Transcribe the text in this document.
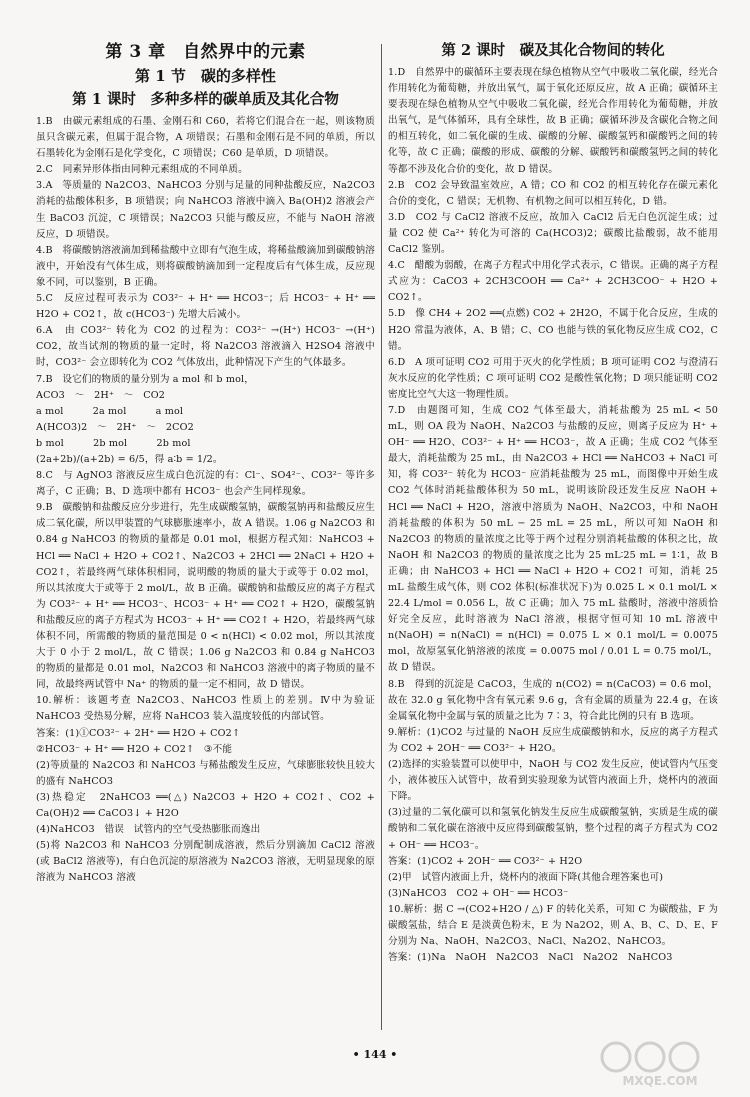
第 3 章　自然界中的元素
第 1 节　碳的多样性
第 1 课时　多种多样的碳单质及其化合物

1.B　由碳元素组成的石墨、金刚石和 C60，若将它们混合在一起，则该物质虽只含碳元素，但属于混合物，A 项错误；石墨和金刚石是不同的单质，所以石墨转化为金刚石是化学变化，C 项错误；C60 是单质，D 项错误。

2.C　同素异形体指由同种元素组成的不同单质。

3.A　等质量的 Na2CO3、NaHCO3 分别与足量的同种盐酸反应，Na2CO3 消耗的盐酸体积多，B 项错误；向 NaHCO3 溶液中滴入 Ba(OH)2 溶液会产生 BaCO3 沉淀，C 项错误；Na2CO3 只能与酸反应，不能与 NaOH 溶液反应，D 项错误。

4.B　将碳酸钠溶液滴加到稀盐酸中立即有气泡生成，将稀盐酸滴加到碳酸钠溶液中，开始没有气体生成，则将碳酸钠滴加到一定程度后有气体生成，反应现象不同，可以鉴别，B 正确。

5.C　反应过程可表示为 CO3²⁻ + H⁺ ══ HCO3⁻；后 HCO3⁻ + H⁺ ══ H2O + CO2↑，故 c(HCO3⁻) 先增大后减小。

6.A　由 CO3²⁻ 转化为 CO2 的过程为：CO3²⁻ →(H⁺) HCO3⁻ →(H⁺) CO2，故当试剂的物质的量一定时，将 Na2CO3 溶液滴入 H2SO4 溶液中时，CO3²⁻ 会立即转化为 CO2 气体放出，此种情况下产生的气体最多。

7.B　设它们的物质的量分别为 a mol 和 b mol，
ACO3　～　2H⁺　～　CO2
a mol　　　2a mol　　　a mol
A(HCO3)2　～　2H⁺　～　2CO2
b mol　　　2b mol　　　2b mol
(2a+2b)/(a+2b) = 6/5，得 a∶b = 1/2。

8.C　与 AgNO3 溶液反应生成白色沉淀的有：Cl⁻、SO4²⁻、CO3²⁻ 等许多离子，C 正确；B、D 选项中都有 HCO3⁻ 也会产生同样现象。

9.B　碳酸钠和盐酸反应分步进行，先生成碳酸氢钠，碳酸氢钠再和盐酸反应生成二氧化碳，所以甲装置的气球膨胀速率小，故 A 错误。1.06 g Na2CO3 和 0.84 g NaHCO3 的物质的量都是 0.01 mol，根据方程式知：NaHCO3 + HCl ══ NaCl + H2O + CO2↑、Na2CO3 + 2HCl ══ 2NaCl + H2O + CO2↑，若最终两气球体积相同，说明酸的物质的量大于或等于 0.02 mol，所以其浓度大于或等于 2 mol/L，故 B 正确。碳酸钠和盐酸反应的离子方程式为 CO3²⁻ + H⁺ ══ HCO3⁻、HCO3⁻ + H⁺ ══ CO2↑ + H2O，碳酸氢钠和盐酸反应的离子方程式为 HCO3⁻ + H⁺ ══ CO2↑ + H2O，若最终两气球体积不同，所需酸的物质的量范围是 0 < n(HCl) < 0.02 mol，所以其浓度大于 0 小于 2 mol/L，故 C 错误；1.06 g Na2CO3 和 0.84 g NaHCO3 的物质的量都是 0.01 mol，Na2CO3 和 NaHCO3 溶液中的离子物质的量不同，故最终两试管中 Na⁺ 的物质的量一定不相同，故 D 错误。

10.解析：该题考查 Na2CO3、NaHCO3 性质上的差别。Ⅳ中为验证 NaHCO3 受热易分解，应将 NaHCO3 装入温度较低的内部试管。
答案：(1)①CO3²⁻ + 2H⁺ ══ H2O + CO2↑
②HCO3⁻ + H⁺ ══ H2O + CO2↑　③不能
(2)等质量的 Na2CO3 和 NaHCO3 与稀盐酸发生反应，气球膨胀较快且较大的盛有 NaHCO3
(3)热稳定　2NaHCO3 ══(△) Na2CO3 + H2O + CO2↑、CO2 + Ca(OH)2 ══ CaCO3↓ + H2O
(4)NaHCO3　错误　试管内的空气受热膨胀而逸出
(5)将 Na2CO3 和 NaHCO3 分别配制成溶液，然后分别滴加 CaCl2 溶液(或 BaCl2 溶液等)，有白色沉淀的原溶液为 Na2CO3 溶液，无明显现象的原溶液为 NaHCO3 溶液

第 2 课时　碳及其化合物间的转化

1.D　自然界中的碳循环主要表现在绿色植物从空气中吸收二氧化碳，经光合作用转化为葡萄糖，并放出氧气，属于氧化还原反应，故 A 正确；碳循环主要表现在绿色植物从空气中吸收二氧化碳，经光合作用转化为葡萄糖，并放出氧气，是气体循环，具有全球性，故 B 正确；碳循环涉及含碳化合物之间的相互转化，如二氧化碳的生成、碳酸的分解、碳酸氢钙和碳酸钙之间的转化等，故 C 正确；碳酸的形成、碳酸的分解、碳酸钙和碳酸氢钙之间的转化等都不涉及化合价的变化，故 D 错误。

2.B　CO2 会导致温室效应，A 错；CO 和 CO2 的相互转化存在碳元素化合价的变化，C 错误；无机物、有机物之间可以相互转化，D 错。

3.D　CO2 与 CaCl2 溶液不反应，故加入 CaCl2 后无白色沉淀生成；过量 CO2 使 Ca²⁺ 转化为可溶的 Ca(HCO3)2；碳酸比盐酸弱，故不能用 CaCl2 鉴别。

4.C　醋酸为弱酸，在离子方程式中用化学式表示，C 错误。正确的离子方程式应为：CaCO3 + 2CH3COOH ══ Ca²⁺ + 2CH3COO⁻ + H2O + CO2↑。

5.D　像 CH4 + 2O2 ══(点燃) CO2 + 2H2O，不属于化合反应，生成的 H2O 常温为液体，A、B 错；C、CO 也能与铁的氧化物反应生成 CO2，C 错。

6.D　A 项可证明 CO2 可用于灭火的化学性质；B 项可证明 CO2 与澄清石灰水反应的化学性质；C 项可证明 CO2 是酸性氧化物；D 项只能证明 CO2 密度比空气大这一物理性质。

7.D　由题图可知，生成 CO2 气体至最大，消耗盐酸为 25 mL < 50 mL，则 OA 段为 NaOH、Na2CO3 与盐酸的反应，则离子反应为 H⁺ + OH⁻ ══ H2O、CO3²⁻ + H⁺ ══ HCO3⁻，故 A 正确；生成 CO2 气体至最大，消耗盐酸为 25 mL，由 Na2CO3 + HCl ══ NaHCO3 + NaCl 可知，将 CO3²⁻ 转化为 HCO3⁻ 应消耗盐酸为 25 mL，而图像中开始生成 CO2 气体时消耗盐酸体积为 50 mL，说明该阶段还发生反应 NaOH + HCl ══ NaCl + H2O，溶液中溶质为 NaOH、Na2CO3，中和 NaOH 消耗盐酸的体积为 50 mL − 25 mL = 25 mL，所以可知 NaOH 和 Na2CO3 的物质的量浓度之比等于两个过程分别消耗盐酸的体积之比，故 NaOH 和 Na2CO3 的物质的量浓度之比为 25 mL∶25 mL = 1∶1，故 B 正确；由 NaHCO3 + HCl ══ NaCl + H2O + CO2↑ 可知，消耗 25 mL 盐酸生成气体，则 CO2 体积(标准状况下)为 0.025 L × 0.1 mol/L × 22.4 L/mol = 0.056 L，故 C 正确；加入 75 mL 盐酸时，溶液中溶质恰好完全反应，此时溶液为 NaCl 溶液，根据守恒可知 10 mL 溶液中 n(NaOH) = n(NaCl) = n(HCl) = 0.075 L × 0.1 mol/L = 0.0075 mol，故原氢氧化钠溶液的浓度 = 0.0075 mol / 0.01 L = 0.75 mol/L，故 D 错误。

8.B　得到的沉淀是 CaCO3，生成的 n(CO2) = n(CaCO3) = 0.6 mol，故在 32.0 g 氧化物中含有氧元素 9.6 g，含有金属的质量为 22.4 g，在该金属氧化物中金属与氧的质量之比为 7∶3，符合此比例的只有 B 选项。

9.解析：(1)CO2 与过量的 NaOH 反应生成碳酸钠和水，反应的离子方程式为 CO2 + 2OH⁻ ══ CO3²⁻ + H2O。
(2)选择的实验装置可以使甲中，NaOH 与 CO2 发生反应，使试管内气压变小，液体被压入试管中，故看到实验现象为试管内液面上升，烧杯内的液面下降。
(3)过量的二氧化碳可以和氢氧化钠发生反应生成碳酸氢钠，实质是生成的碳酸钠和二氧化碳在溶液中反应得到碳酸氢钠，整个过程的离子方程式为 CO2 + OH⁻ ══ HCO3⁻。
答案：(1)CO2 + 2OH⁻ ══ CO3²⁻ + H2O
(2)甲　试管内液面上升，烧杯内的液面下降(其他合理答案也可)
(3)NaHCO3　CO2 + OH⁻ ══ HCO3⁻

10.解析：据 C →(CO2+H2O / △) F 的转化关系，可知 C 为碳酸盐，F 为碳酸氢盐，结合 E 是淡黄色粉末，E 为 Na2O2，则 A、B、C、D、E、F 分别为 Na、NaOH、Na2CO3、NaCl、Na2O2、NaHCO3。
答案：(1)Na　NaOH　Na2CO3　NaCl　Na2O2　NaHCO3

• 144 •
MXQE.COM
